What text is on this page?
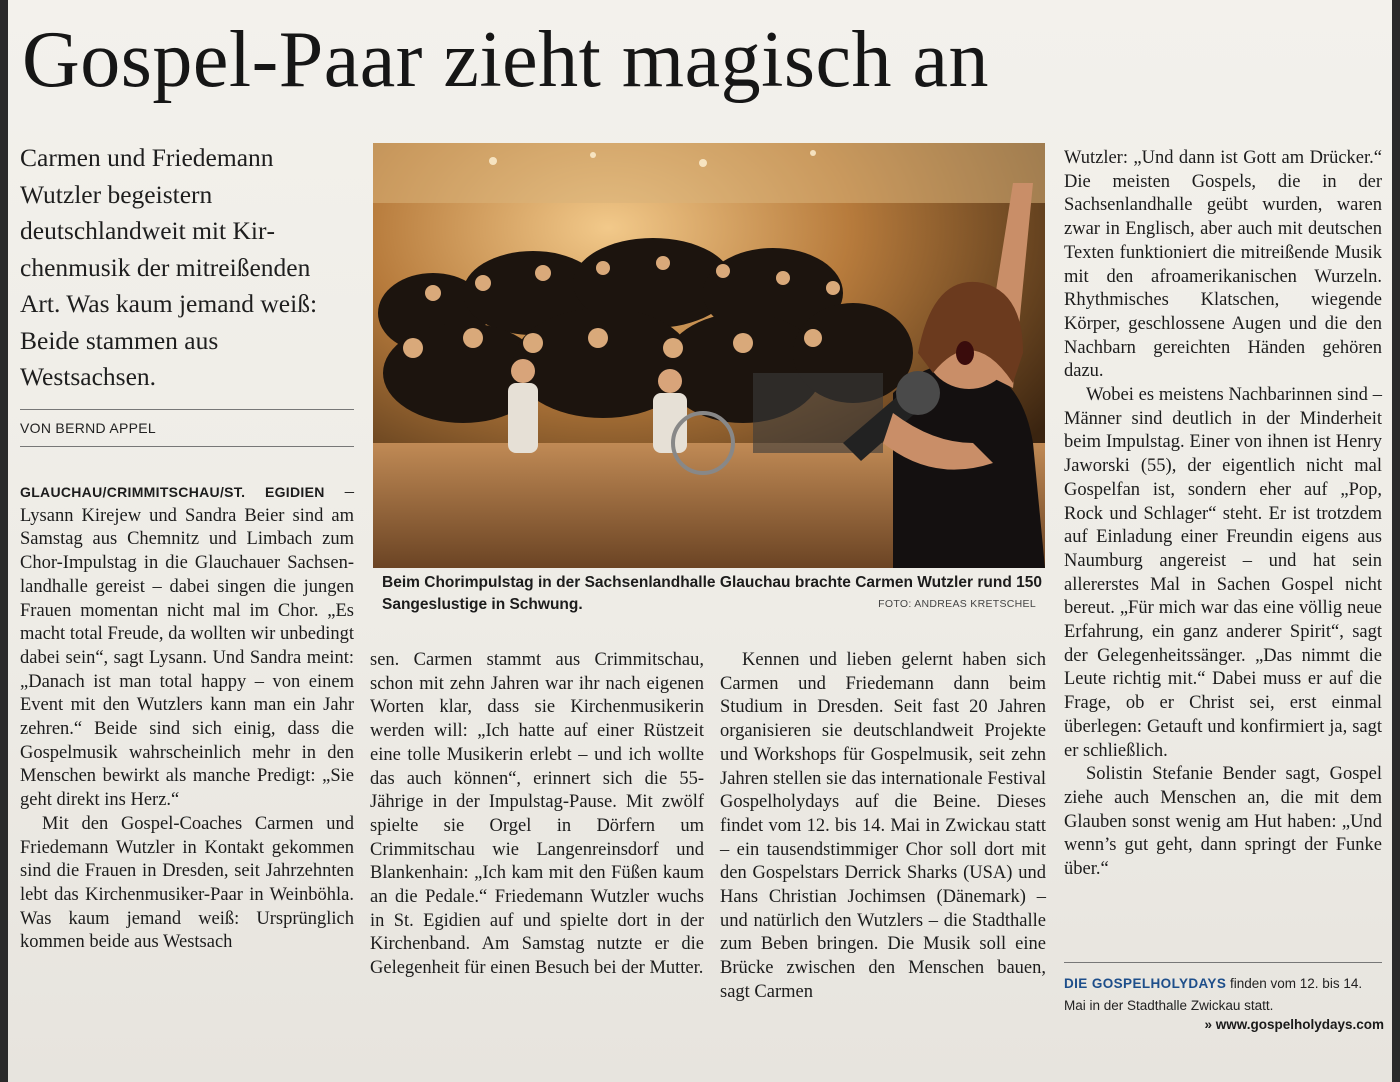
Gospel-Paar zieht magisch an
Carmen und Friedemann Wutzler begeistern deutschlandweit mit Kirchenmusik der mitreißenden Art. Was kaum jemand weiß: Beide stammen aus Westsachsen.
VON BERND APPEL

GLAUCHAU/CRIMMITSCHAU/ST. EGIDIEN – Lysann Kirejew und Sandra Beier sind am Samstag aus Chemnitz und Limbach zum Chor-Impulstag in die Glauchauer Sachsenlandhalle gereist – dabei singen die jungen Frauen momentan nicht mal im Chor. „Es macht total Freude, da wollten wir unbedingt dabei sein“, sagt Lysann. Und Sandra meint: „Danach ist man total happy – von einem Event mit den Wutzlers kann man ein Jahr zehren.“ Beide sind sich einig, dass die Gospelmusik wahrscheinlich mehr in den Menschen bewirkt als manche Predigt: „Sie geht direkt ins Herz.“

Mit den Gospel-Coaches Carmen und Friedemann Wutzler in Kontakt gekommen sind die Frauen in Dresden, seit Jahrzehnten lebt das Kirchenmusiker-Paar in Weinböhla. Was kaum jemand weiß: Ursprünglich kommen beide aus Westsach

Beim Chorimpulstag in der Sachsenlandhalle Glauchau brachte Carmen Wutzler rund 150 Sangeslustige in Schwung.	FOTO: ANDREAS KRETSCHEL

sen. Carmen stammt aus Crimmitschau, schon mit zehn Jahren war ihr nach eigenen Worten klar, dass sie Kirchenmusikerin werden will: „Ich hatte auf einer Rüstzeit eine tolle Musikerin erlebt – und ich wollte das auch können“, erinnert sich die 55-Jährige in der Impulstag-Pause. Mit zwölf spielte sie Orgel in Dörfern um Crimmitschau wie Langenreinsdorf und Blankenhain: „Ich kam mit den Füßen kaum an die Pedale.“ Friedemann Wutzler wuchs in St. Egidien auf und spielte dort in der Kirchenband. Am Samstag nutzte er die Gelegenheit für einen Besuch bei der Mutter.

Kennen und lieben gelernt haben sich Carmen und Friedemann dann beim Studium in Dresden. Seit fast 20 Jahren organisieren sie deutschlandweit Projekte und Workshops für Gospelmusik, seit zehn Jahren stellen sie das internationale Festival Gospelholydays auf die Beine. Dieses findet vom 12. bis 14. Mai in Zwickau statt – ein tausendstimmiger Chor soll dort mit den Gospelstars Derrick Sharks (USA) und Hans Christian Jochimsen (Dänemark) – und natürlich den Wutzlers – die Stadthalle zum Beben bringen. Die Musik soll eine Brücke zwischen den Menschen bauen, sagt Carmen

Wutzler: „Und dann ist Gott am Drücker.“ Die meisten Gospels, die in der Sachsenlandhalle geübt wurden, waren zwar in Englisch, aber auch mit deutschen Texten funktioniert die mitreißende Musik mit den afroamerikanischen Wurzeln. Rhythmisches Klatschen, wiegende Körper, geschlossene Augen und die den Nachbarn gereichten Händen gehören dazu.

Wobei es meistens Nachbarinnen sind – Männer sind deutlich in der Minderheit beim Impulstag. Einer von ihnen ist Henry Jaworski (55), der eigentlich nicht mal Gospelfan ist, sondern eher auf „Pop, Rock und Schlager“ steht. Er ist trotzdem auf Einladung einer Freundin eigens aus Naumburg angereist – und hat sein allererstes Mal in Sachen Gospel nicht bereut. „Für mich war das eine völlig neue Erfahrung, ein ganz anderer Spirit“, sagt der Gelegenheitssänger. „Das nimmt die Leute richtig mit.“ Dabei muss er auf die Frage, ob er Christ sei, erst einmal überlegen: Getauft und konfirmiert ja, sagt er schließlich.

Solistin Stefanie Bender sagt, Gospel ziehe auch Menschen an, die mit dem Glauben sonst wenig am Hut haben: „Und wenn’s gut geht, dann springt der Funke über.“

DIE GOSPELHOLYDAYS finden vom 12. bis 14. Mai in der Stadthalle Zwickau statt.
» www.gospelholydays.com
